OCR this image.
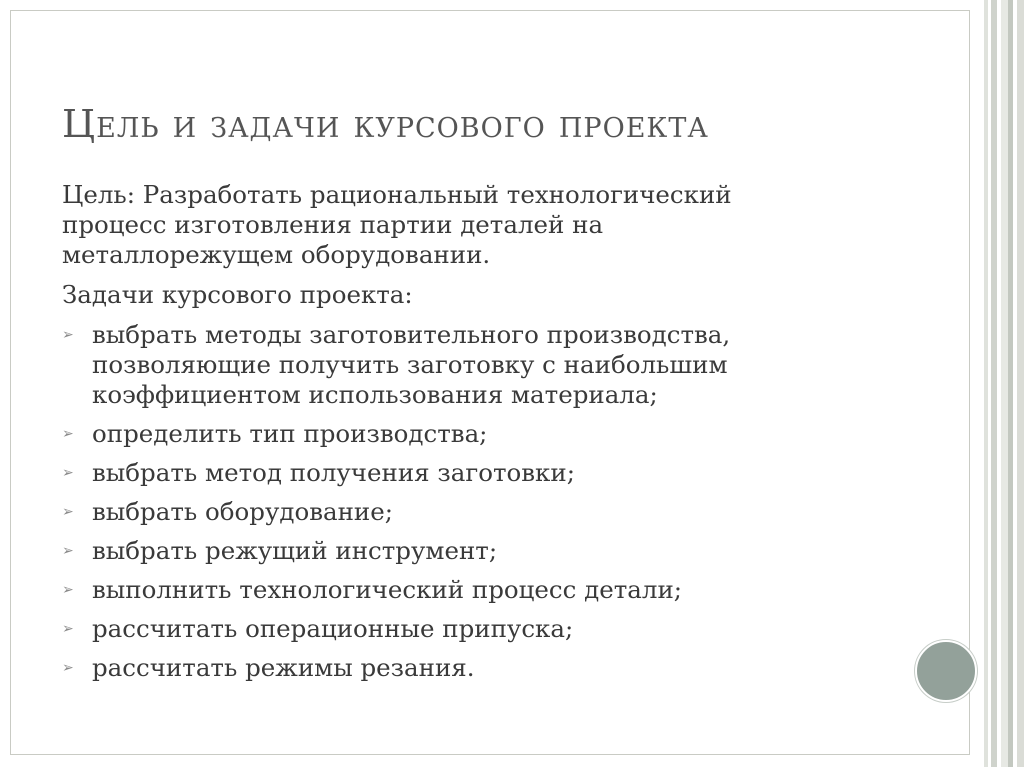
Цель и задачи курсового проекта

Цель: Разработать рациональный технологический
процесс изготовления партии деталей на
металлорежущем оборудовании.

Задачи курсового проекта:

➢ выбрать методы заготовительного производства,
позволяющие получить заготовку с наибольшим
коэффициентом использования материала;
➢ определить тип производства;
➢ выбрать метод получения заготовки;
➢ выбрать оборудование;
➢ выбрать режущий инструмент;
➢ выполнить технологический процесс детали;
➢ рассчитать операционные припуска;
➢ рассчитать режимы резания.
